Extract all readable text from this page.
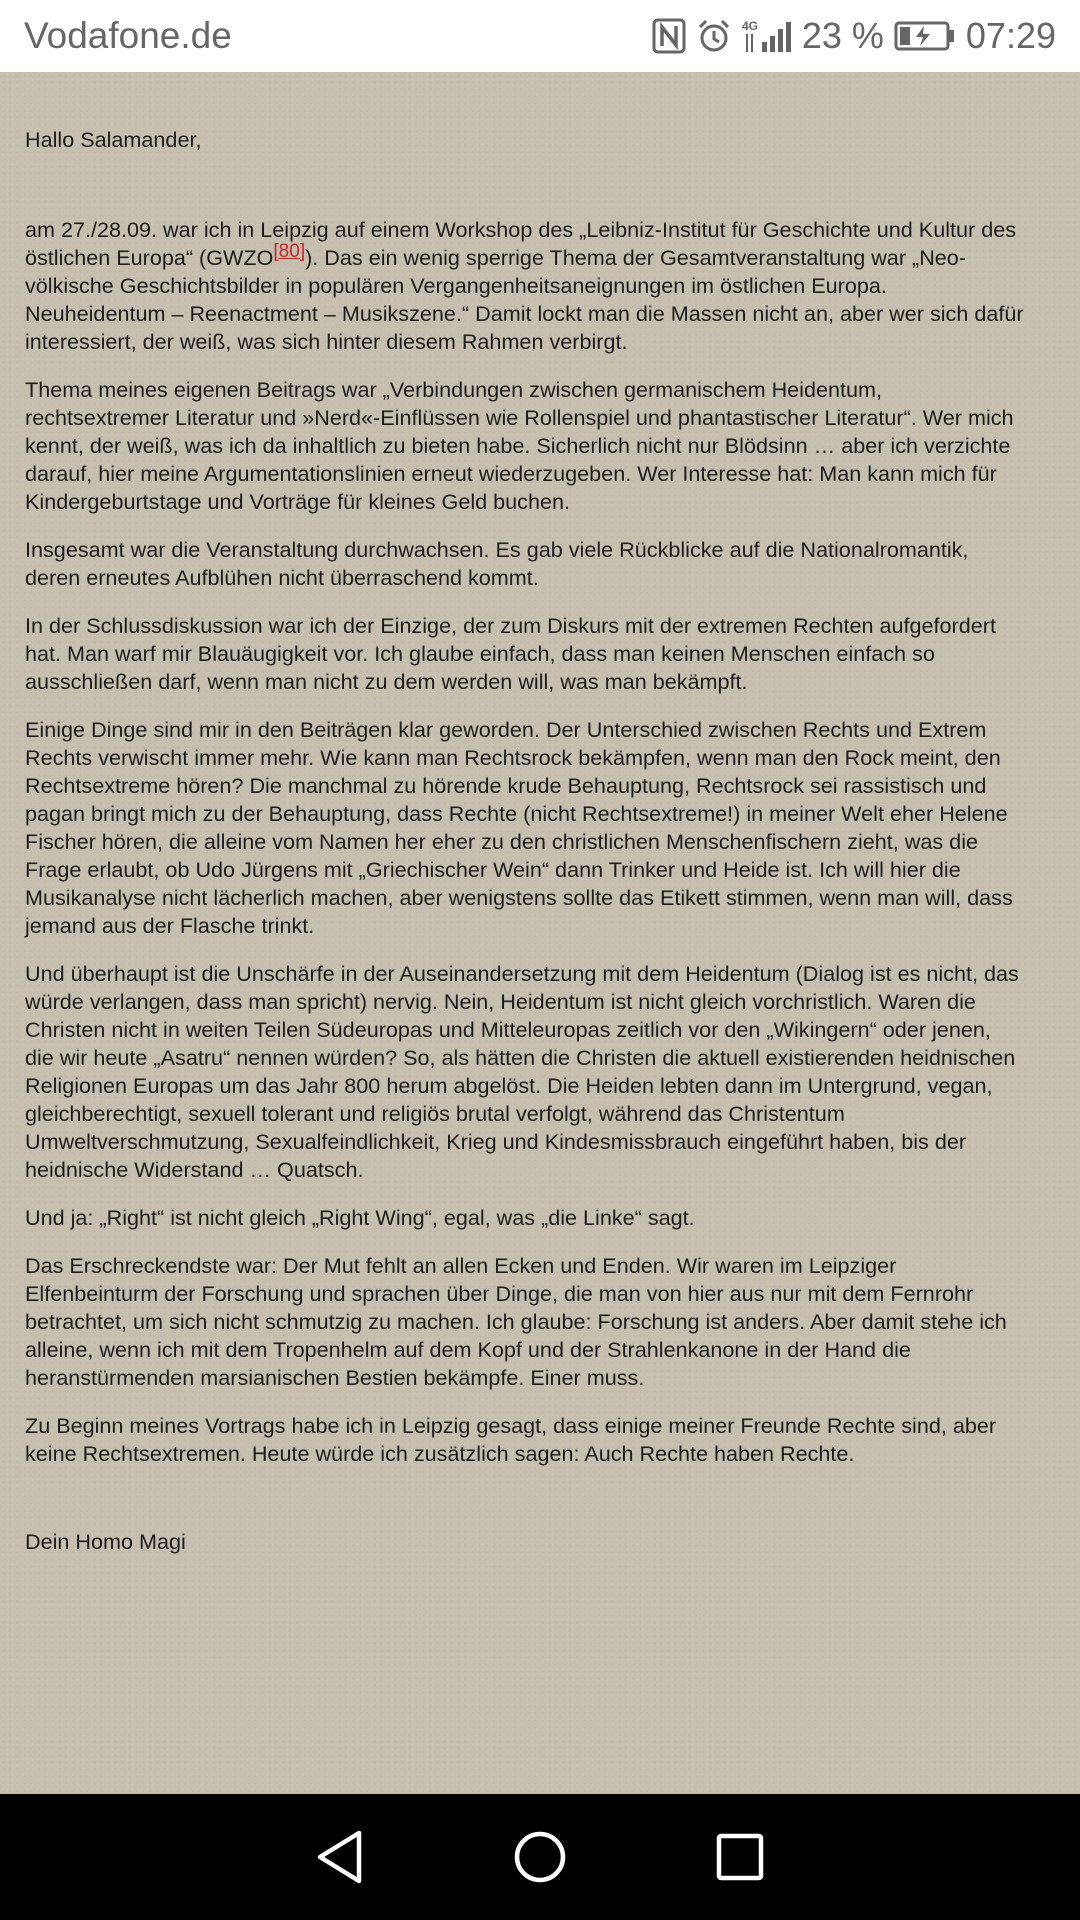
Vodafone.de	4G 23 % 07:29

Hallo Salamander,

am 27./28.09. war ich in Leipzig auf einem Workshop des „Leibniz-Institut für Geschichte und Kultur des östlichen Europa“ (GWZO[80]). Das ein wenig sperrige Thema der Gesamtveranstaltung war „Neo-völkische Geschichtsbilder in populären Vergangenheitsaneignungen im östlichen Europa. Neuheidentum – Reenactment – Musikszene.“ Damit lockt man die Massen nicht an, aber wer sich dafür interessiert, der weiß, was sich hinter diesem Rahmen verbirgt.

Thema meines eigenen Beitrags war „Verbindungen zwischen germanischem Heidentum, rechtsextremer Literatur und »Nerd«-Einflüssen wie Rollenspiel und phantastischer Literatur“. Wer mich kennt, der weiß, was ich da inhaltlich zu bieten habe. Sicherlich nicht nur Blödsinn … aber ich verzichte darauf, hier meine Argumentationslinien erneut wiederzugeben. Wer Interesse hat: Man kann mich für Kindergeburtstage und Vorträge für kleines Geld buchen.

Insgesamt war die Veranstaltung durchwachsen. Es gab viele Rückblicke auf die Nationalromantik, deren erneutes Aufblühen nicht überraschend kommt.

In der Schlussdiskussion war ich der Einzige, der zum Diskurs mit der extremen Rechten aufgefordert hat. Man warf mir Blauäugigkeit vor. Ich glaube einfach, dass man keinen Menschen einfach so ausschließen darf, wenn man nicht zu dem werden will, was man bekämpft.

Einige Dinge sind mir in den Beiträgen klar geworden. Der Unterschied zwischen Rechts und Extrem Rechts verwischt immer mehr. Wie kann man Rechtsrock bekämpfen, wenn man den Rock meint, den Rechtsextreme hören? Die manchmal zu hörende krude Behauptung, Rechtsrock sei rassistisch und pagan bringt mich zu der Behauptung, dass Rechte (nicht Rechtsextreme!) in meiner Welt eher Helene Fischer hören, die alleine vom Namen her eher zu den christlichen Menschenfischern zieht, was die Frage erlaubt, ob Udo Jürgens mit „Griechischer Wein“ dann Trinker und Heide ist. Ich will hier die Musikanalyse nicht lächerlich machen, aber wenigstens sollte das Etikett stimmen, wenn man will, dass jemand aus der Flasche trinkt.

Und überhaupt ist die Unschärfe in der Auseinandersetzung mit dem Heidentum (Dialog ist es nicht, das würde verlangen, dass man spricht) nervig. Nein, Heidentum ist nicht gleich vorchristlich. Waren die Christen nicht in weiten Teilen Südeuropas und Mitteleuropas zeitlich vor den „Wikingern“ oder jenen, die wir heute „Asatru“ nennen würden? So, als hätten die Christen die aktuell existierenden heidnischen Religionen Europas um das Jahr 800 herum abgelöst. Die Heiden lebten dann im Untergrund, vegan, gleichberechtigt, sexuell tolerant und religiös brutal verfolgt, während das Christentum Umweltverschmutzung, Sexualfeindlichkeit, Krieg und Kindesmissbrauch eingeführt haben, bis der heidnische Widerstand … Quatsch.

Und ja: „Right“ ist nicht gleich „Right Wing“, egal, was „die Linke“ sagt.

Das Erschreckendste war: Der Mut fehlt an allen Ecken und Enden. Wir waren im Leipziger Elfenbeinturm der Forschung und sprachen über Dinge, die man von hier aus nur mit dem Fernrohr betrachtet, um sich nicht schmutzig zu machen. Ich glaube: Forschung ist anders. Aber damit stehe ich alleine, wenn ich mit dem Tropenhelm auf dem Kopf und der Strahlenkanone in der Hand die heranstürmenden marsianischen Bestien bekämpfe. Einer muss.

Zu Beginn meines Vortrags habe ich in Leipzig gesagt, dass einige meiner Freunde Rechte sind, aber keine Rechtsextremen. Heute würde ich zusätzlich sagen: Auch Rechte haben Rechte.

Dein Homo Magi
